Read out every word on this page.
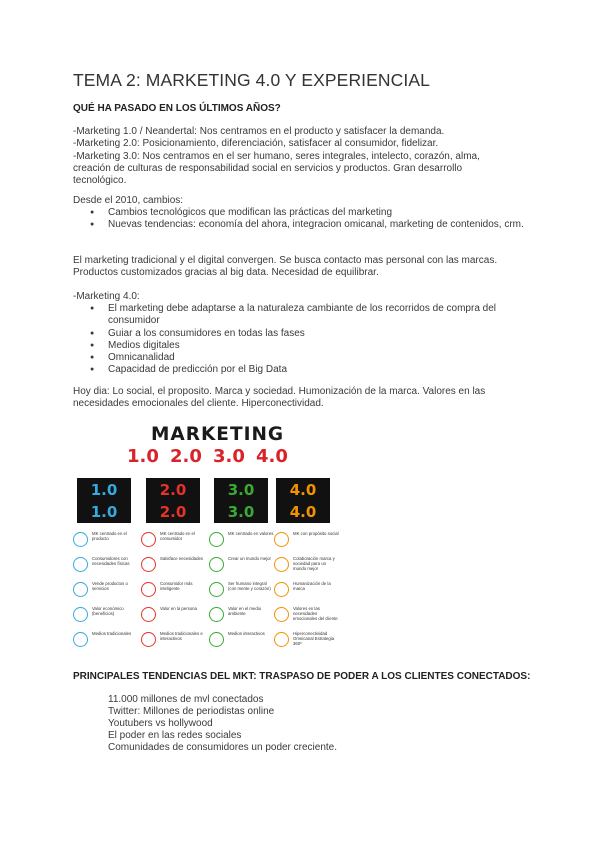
TEMA 2: MARKETING 4.0 Y EXPERIENCIAL
QUÉ HA PASADO EN LOS ÚLTIMOS AÑOS?
-Marketing 1.0 / Neandertal: Nos centramos en el producto y satisfacer la demanda.
-Marketing 2.0: Posicionamiento, diferenciación, satisfacer al consumidor, fidelizar.
-Marketing 3.0: Nos centramos en el ser humano, seres integrales, intelecto, corazón, alma,
creación de culturas de responsabilidad social en servicios y productos. Gran desarrollo
tecnológico.
Desde el 2010, cambios:
● Cambios tecnológicos que modifican las prácticas del marketing
● Nuevas tendencias: economía del ahora, integracion omicanal, marketing de contenidos, crm.
El marketing tradicional y el digital convergen. Se busca contacto mas personal con las marcas.
Productos customizados gracias al big data. Necesidad de equilibrar.
-Marketing 4.0:
● El marketing debe adaptarse a la naturaleza cambiante de los recorridos de compra del consumidor
● Guiar a los consumidores en todas las fases
● Medios digitales
● Omnicanalidad
● Capacidad de predicción por el Big Data
Hoy dia: Lo social, el proposito. Marca y sociedad. Humonización de la marca. Valores en las
necesidades emocionales del cliente. Hiperconectividad.
MARKETING
1.0 2.0 3.0 4.0
1.0
1.0
2.0
2.0
3.0
3.0
4.0
4.0
MK centrado en el producto
Consumidores con necesidades físicas
Vende productos o servicios
Valor económico (beneficios)
Medios tradicionales
MK centrado en el consumidor
Satisface necesidades
Consumidor más inteligente
Valor en la persona
Medios tradicionales e interactivos
MK centrado en valores
Crear un mundo mejor
Ser humano integral (con mente y corazón)
Valor en el medio ambiente
Medios interactivos
MK con propósito social
Colaboración marca y sociedad para un mundo mejor
Humanización de la marca
Valores en las necesidades emocionales del cliente
Hiperconectividad Omnicanal Estrategia 360º
PRINCIPALES TENDENCIAS DEL MKT: TRASPASO DE PODER A LOS CLIENTES CONECTADOS:
11.000 millones de mvl conectados
Twitter: Millones de periodistas online
Youtubers vs hollywood
El poder en las redes sociales
Comunidades de consumidores un poder creciente.
